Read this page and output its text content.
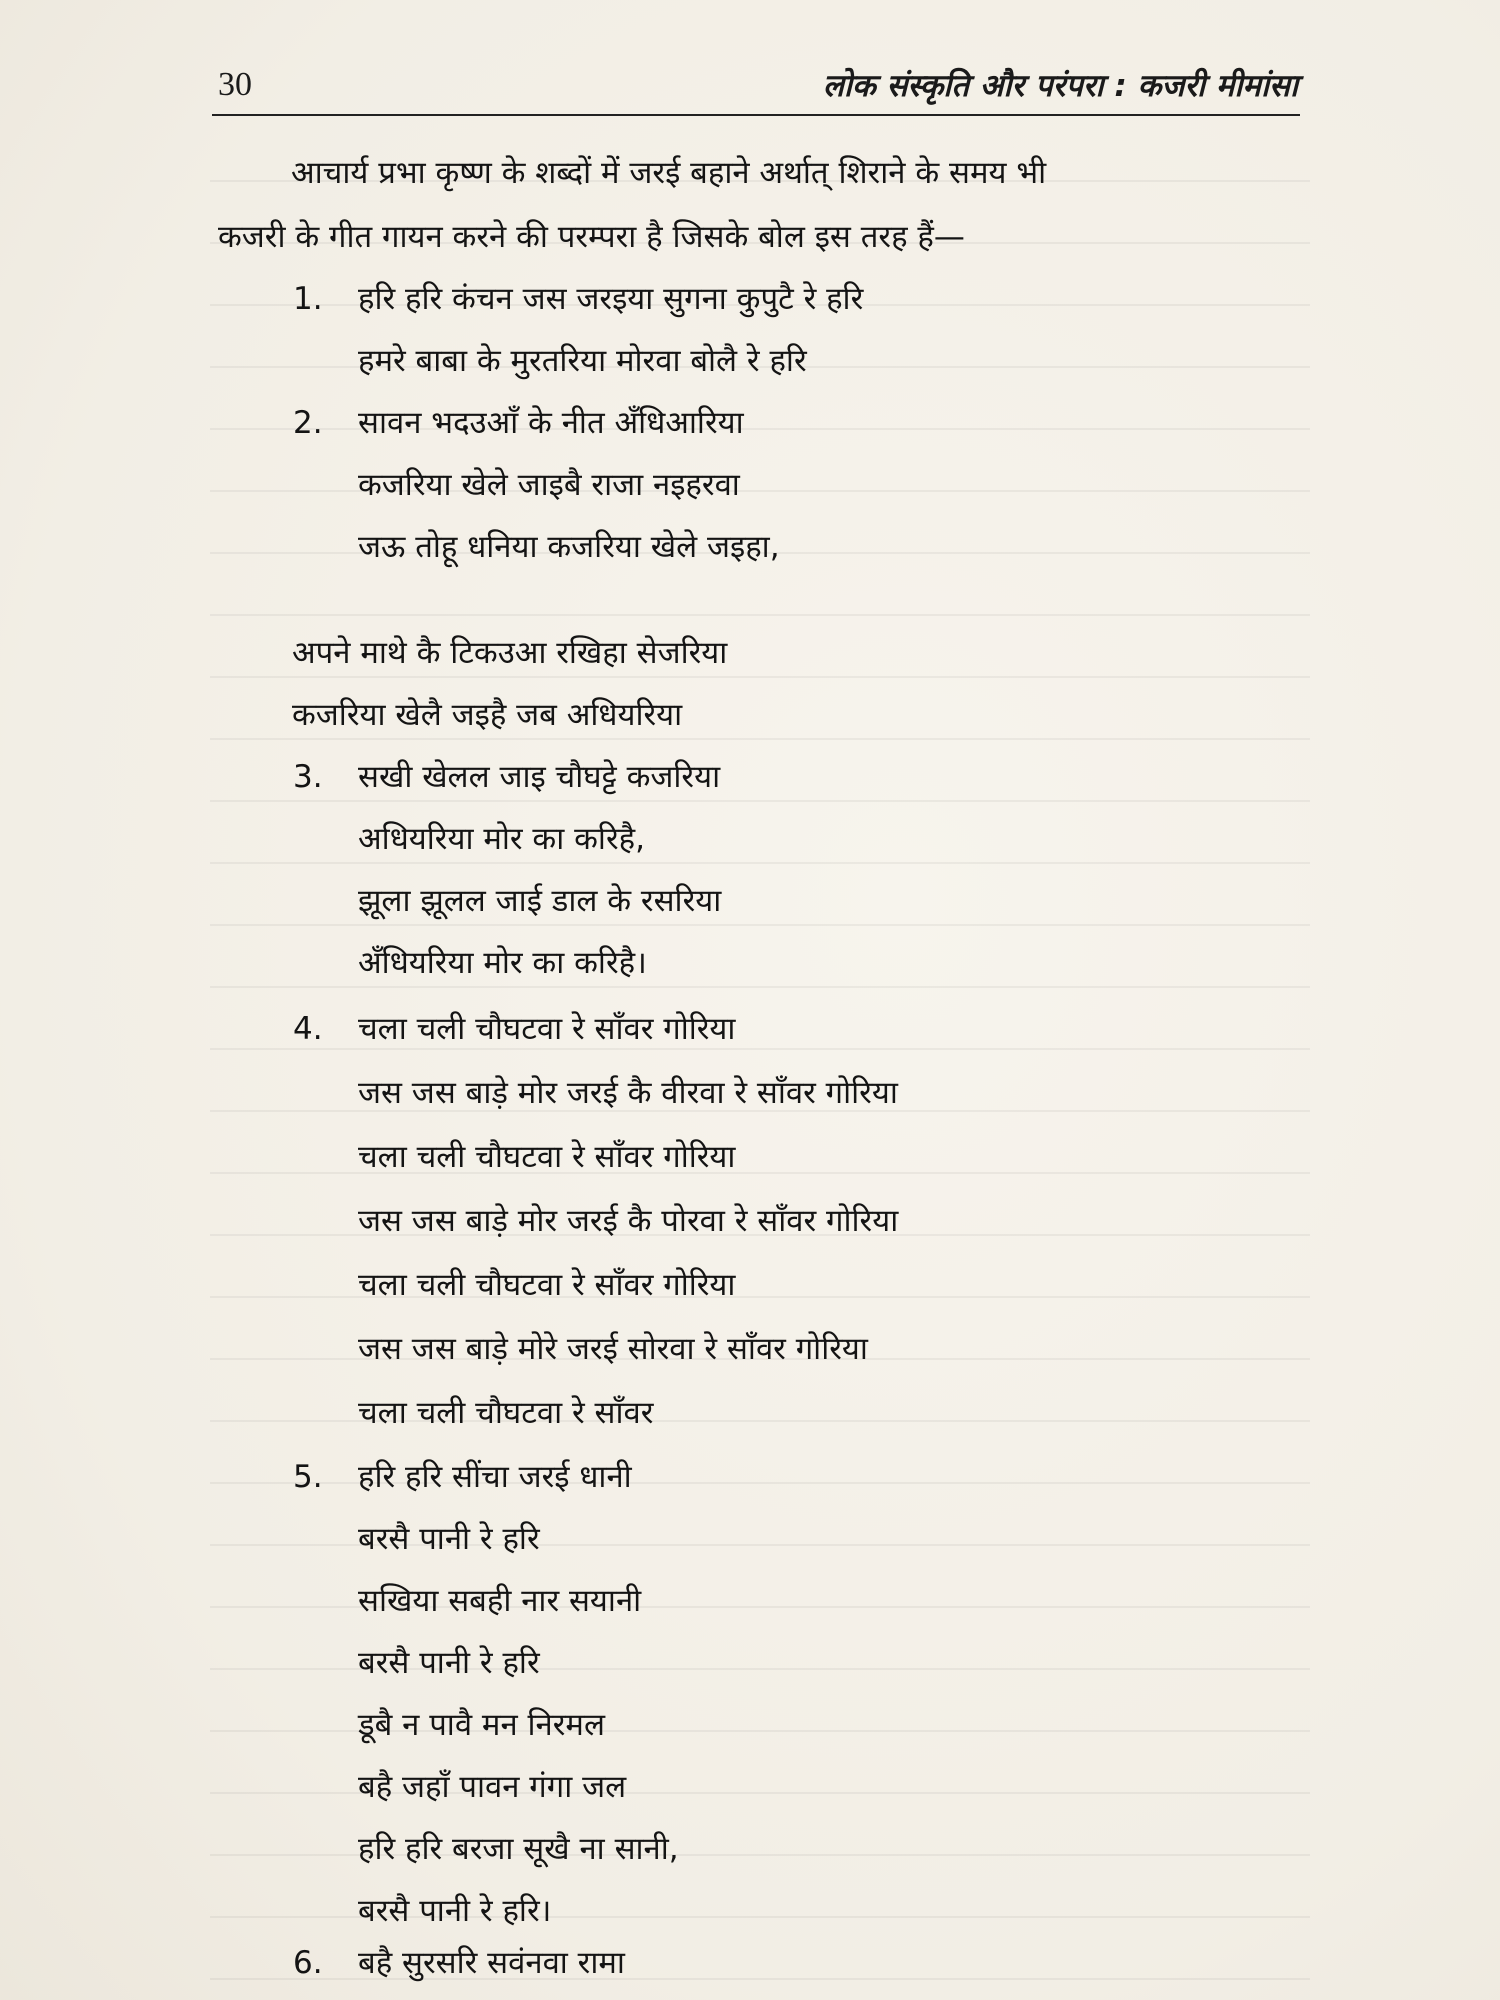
30	लोक संस्कृति और परंपरा : कजरी मीमांसा
आचार्य प्रभा कृष्ण के शब्दों में जरई बहाने अर्थात् शिराने के समय भी
कजरी के गीत गायन करने की परम्परा है जिसके बोल इस तरह हैं—
1.	हरि हरि कंचन जस जरइया सुगना कुपुटै रे हरि
हमरे बाबा के मुरतरिया मोरवा बोलै रे हरि
2.	सावन भदउआँ के नीत अँधिआरिया
कजरिया खेले जाइबै राजा नइहरवा
जऊ तोहू धनिया कजरिया खेले जइहा,
अपने माथे कै टिकउआ रखिहा सेजरिया
कजरिया खेलै जइहै जब अधियरिया
3.	सखी खेलल जाइ चौघट्टे कजरिया
अधियरिया मोर का करिहै,
झूला झूलल जाई डाल के रसरिया
अँधियरिया मोर का करिहै।
4.	चला चली चौघटवा रे साँवर गोरिया
जस जस बाड़े मोर जरई कै वीरवा रे साँवर गोरिया
चला चली चौघटवा रे साँवर गोरिया
जस जस बाड़े मोर जरई कै पोरवा रे साँवर गोरिया
चला चली चौघटवा रे साँवर गोरिया
जस जस बाड़े मोरे जरई सोरवा रे साँवर गोरिया
चला चली चौघटवा रे साँवर
5.	हरि हरि सींचा जरई धानी
बरसै पानी रे हरि
सखिया सबही नार सयानी
बरसै पानी रे हरि
डूबै न पावै मन निरमल
बहै जहाँ पावन गंगा जल
हरि हरि बरजा सूखै ना सानी,
बरसै पानी रे हरि।
6.	बहै सुरसरि सवंनवा रामा
